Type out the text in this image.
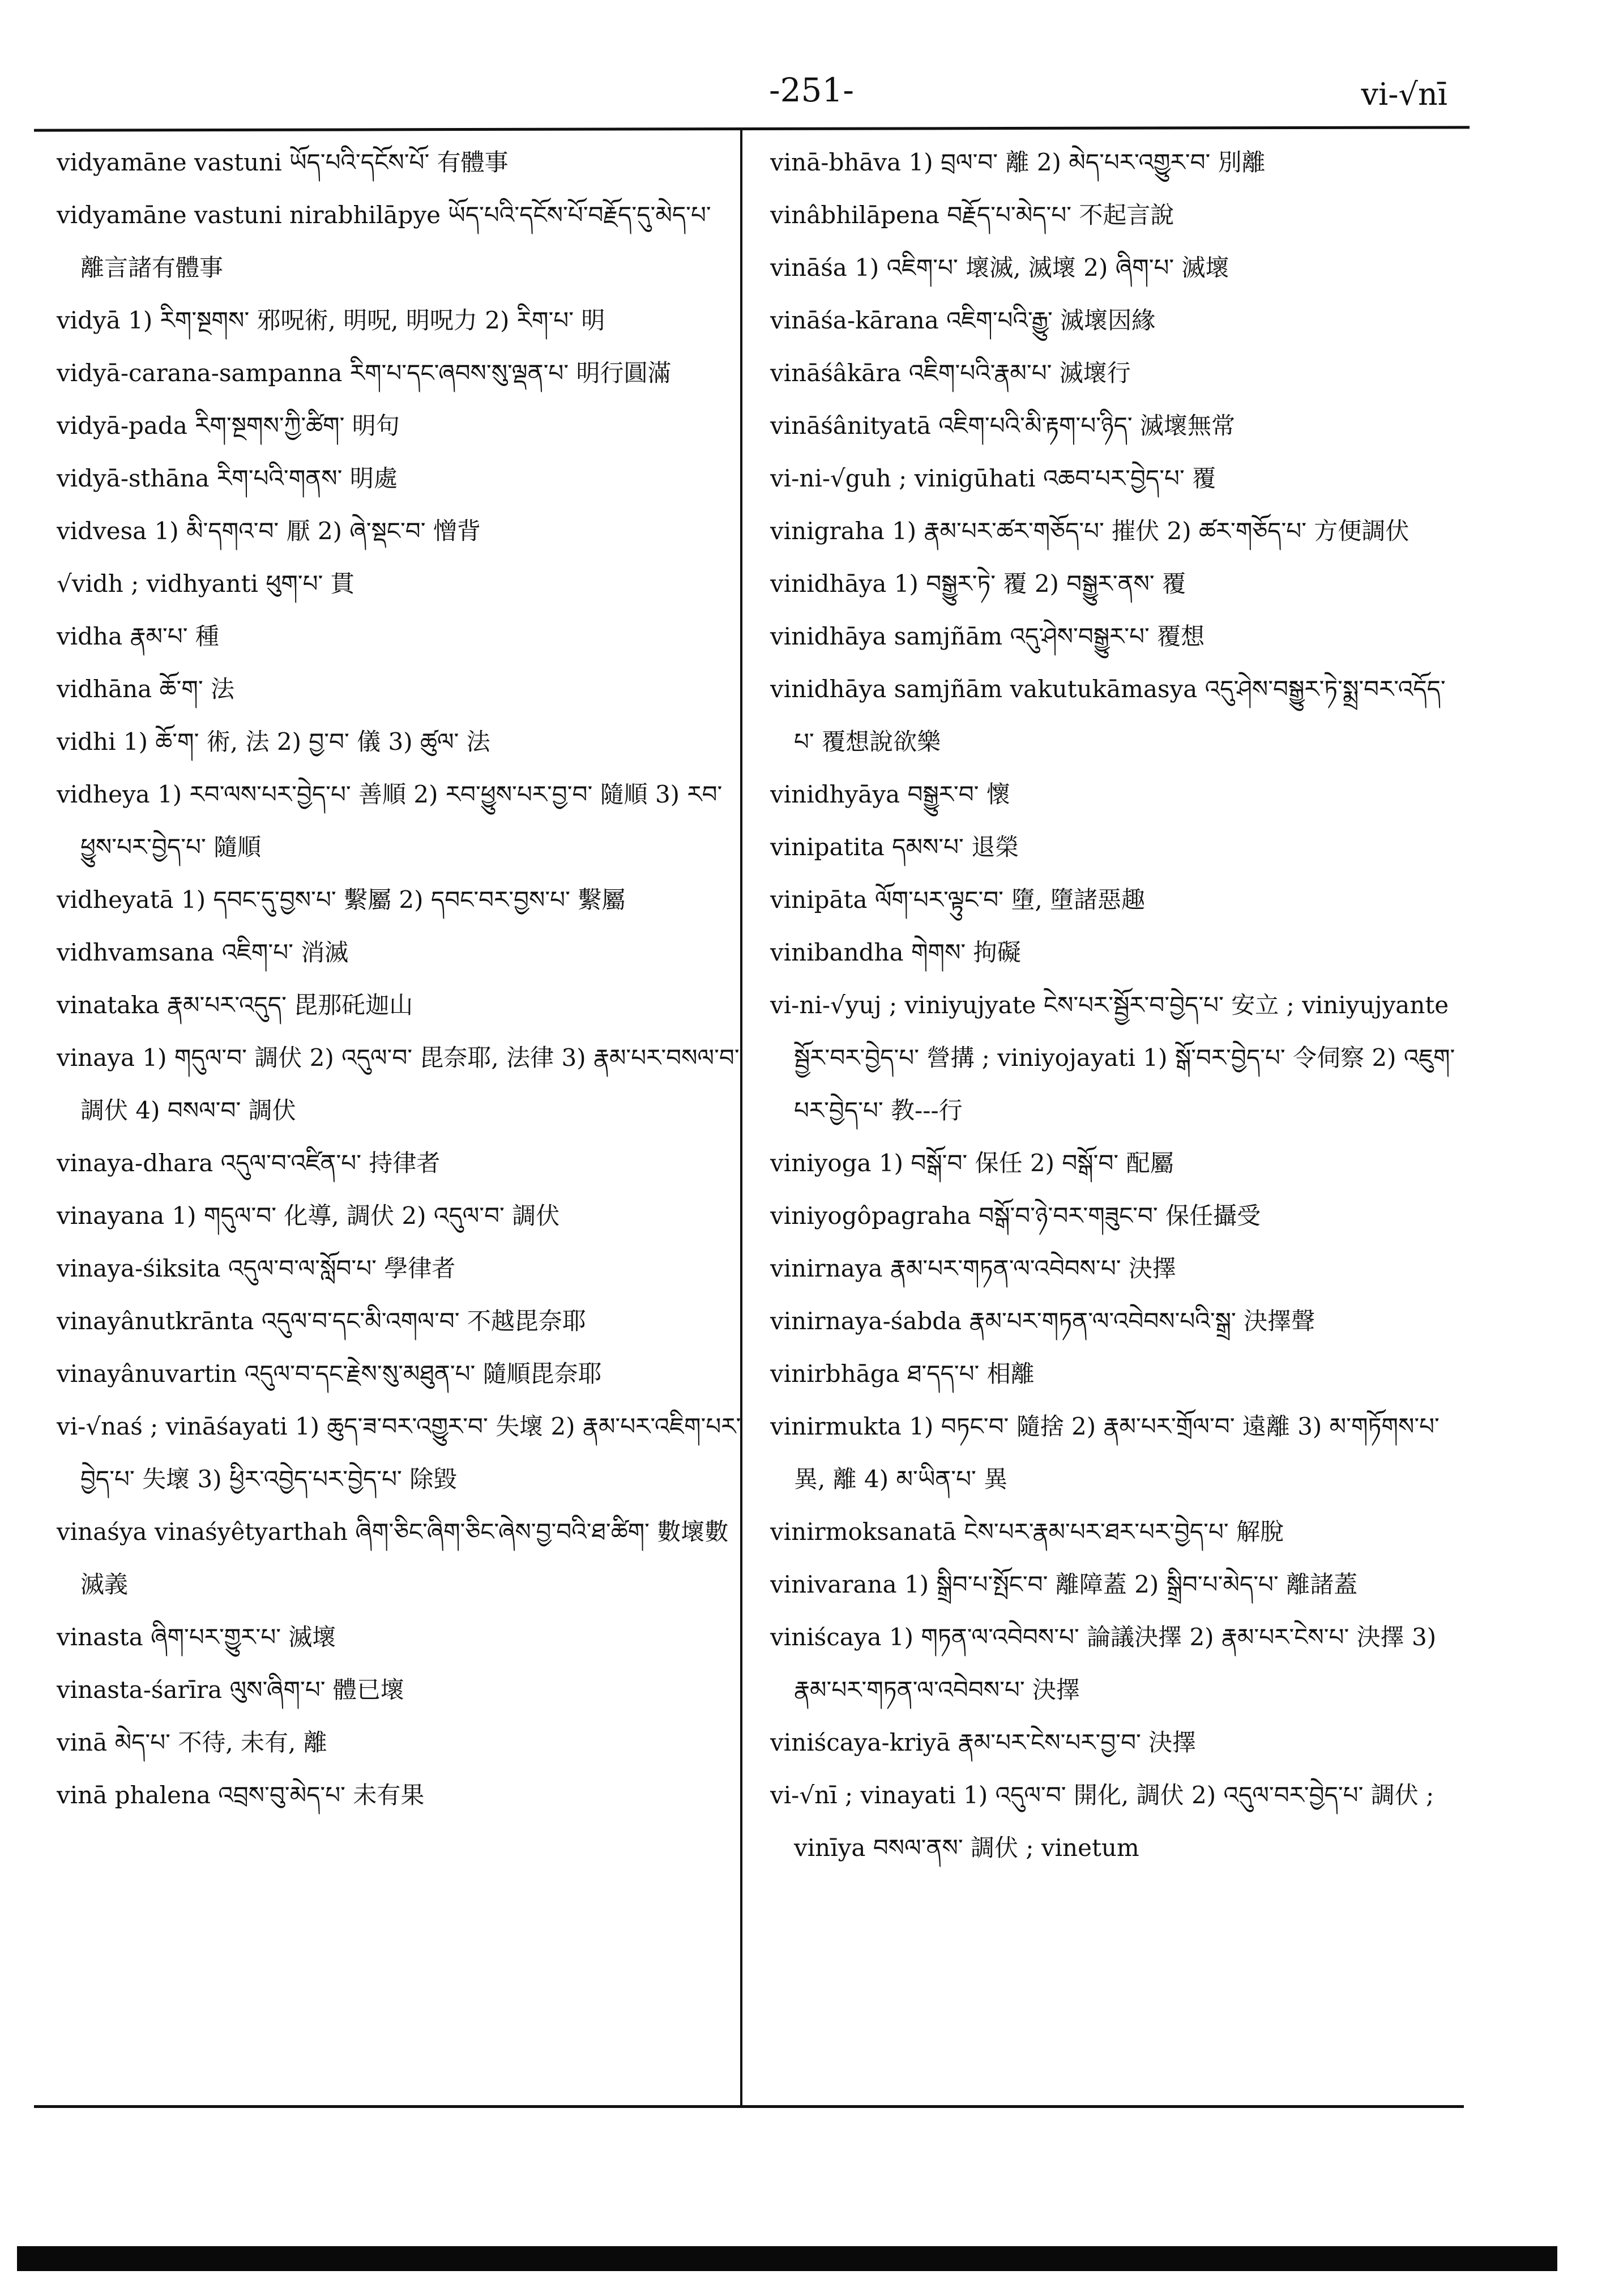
-251-	vi-√nī

vidyamāne vastuni ཡོད་པའི་དངོས་པོ་ 有體事

vidyamāne vastuni nirabhilāpye ཡོད་པའི་དངོས་པོ་བརྗོད་དུ་མེད་པ་ 離言諸有體事

vidyā 1) རིག་སྔགས་ 邪呪術, 明呪, 明呪力 2) རིག་པ་ 明

vidyā-carana-sampanna རིག་པ་དང་ཞབས་སུ་ལྡན་པ་ 明行圓滿

vidyā-pada རིག་སྔགས་ཀྱི་ཚིག་ 明句

vidyā-sthāna རིག་པའི་གནས་ 明處

vidvesa 1) མི་དགའ་བ་ 厭 2) ཞེ་སྡང་བ་ 憎背

√vidh ; vidhyanti ཕུག་པ་ 貫

vidha རྣམ་པ་ 種

vidhāna ཆོ་ག་ 法

vidhi 1) ཆོ་ག་ 術, 法 2) བྱ་བ་ 儀 3) ཚུལ་ 法

vidheya 1) རབ་ལས་པར་བྱེད་པ་ 善順 2) རབ་ཕྱུས་པར་བྱ་བ་ 隨順 3) རབ་ཕྱུས་པར་བྱེད་པ་ 隨順

vidheyatā 1) དབང་དུ་བྱས་པ་ 繫屬 2) དབང་བར་བྱས་པ་ 繫屬

vidhvamsana འཇིག་པ་ 消滅

vinataka རྣམ་པར་འདུད་ 毘那矺迦山

vinaya 1) གདུལ་བ་ 調伏 2) འདུལ་བ་ 毘奈耶, 法律 3) རྣམ་པར་བསལ་བ་ 調伏 4) བསལ་བ་ 調伏

vinaya-dhara འདུལ་བ་འཛིན་པ་ 持律者

vinayana 1) གདུལ་བ་ 化導, 調伏 2) འདུལ་བ་ 調伏

vinaya-śiksita འདུལ་བ་ལ་སློབ་པ་ 學律者

vinayânutkrānta འདུལ་བ་དང་མི་འགལ་བ་ 不越毘奈耶

vinayânuvartin འདུལ་བ་དང་རྗེས་སུ་མཐུན་པ་ 隨順毘奈耶

vi-√naś ; vināśayati 1) ཆུད་ཟ་བར་འགྱུར་བ་ 失壞 2) རྣམ་པར་འཇིག་པར་བྱེད་པ་ 失壞 3) ཕྱིར་འབྱེད་པར་བྱེད་པ་ 除毀

vinaśya vinaśyêtyarthah ཞིག་ཅིང་ཞིག་ཅིང་ཞེས་བྱ་བའི་ཐ་ཚིག་ 數壞數滅義

vinasta ཞིག་པར་གྱུར་པ་ 滅壞

vinasta-śarīra ལུས་ཞིག་པ་ 體已壞

vinā མེད་པ་ 不待, 未有, 離

vinā phalena འབྲས་བུ་མེད་པ་ 未有果

vinā-bhāva 1) བྲལ་བ་ 離 2) མེད་པར་འགྱུར་བ་ 別離

vinâbhilāpena བརྗོད་པ་མེད་པ་ 不起言說

vināśa 1) འཇིག་པ་ 壞滅, 滅壞 2) ཞིག་པ་ 滅壞

vināśa-kārana འཇིག་པའི་རྒྱུ་ 滅壞因緣

vināśâkāra འཇིག་པའི་རྣམ་པ་ 滅壞行

vināśânityatā འཇིག་པའི་མི་རྟག་པ་ཉིད་ 滅壞無常

vi-ni-√guh ; vinigūhati འཆབ་པར་བྱེད་པ་ 覆

vinigraha 1) རྣམ་པར་ཚར་གཅོད་པ་ 摧伏 2) ཚར་གཅོད་པ་ 方便調伏

vinidhāya 1) བསྒྱུར་ཏེ་ 覆 2) བསྒྱུར་ནས་ 覆

vinidhāya samjñām འདུ་ཤེས་བསྒྱུར་པ་ 覆想

vinidhāya samjñām vakutukāmasya འདུ་ཤེས་བསྒྱུར་ཏེ་སྨྲ་བར་འདོད་པ་ 覆想說欲樂

vinidhyāya བསྒྱུར་བ་ 懷

vinipatita དམས་པ་ 退榮

vinipāta ལོག་པར་ལྟུང་བ་ 墮, 墮諸惡趣

vinibandha གེགས་ 拘礙

vi-ni-√yuj ; viniyujyate ངེས་པར་སྦྱོར་བ་བྱེད་པ་ 安立 ; viniyujyante སྦྱོར་བར་བྱེད་པ་ 營搆 ; viniyojayati 1) སྒོ་བར་བྱེད་པ་ 令伺察 2) འཇུག་པར་བྱེད་པ་ 教---行

viniyoga 1) བསྒོ་བ་ 保任 2) བསྒོ་བ་ 配屬

viniyogôpagraha བསྒོ་བ་ཉེ་བར་གཟུང་བ་ 保任攝受

vinirnaya རྣམ་པར་གཏན་ལ་འབེབས་པ་ 決擇

vinirnaya-śabda རྣམ་པར་གཏན་ལ་འབེབས་པའི་སྒྲ་ 決擇聲

vinirbhāga ཐ་དད་པ་ 相離

vinirmukta 1) བཏང་བ་ 隨捨 2) རྣམ་པར་གྲོལ་བ་ 遠離 3) མ་གཏོགས་པ་ 異, 離 4) མ་ཡིན་པ་ 異

vinirmoksanatā ངེས་པར་རྣམ་པར་ཐར་པར་བྱེད་པ་ 解脫

vinivarana 1) སྒྲིབ་པ་སྤོང་བ་ 離障蓋 2) སྒྲིབ་པ་མེད་པ་ 離諸蓋

viniścaya 1) གཏན་ལ་འབེབས་པ་ 論議決擇 2) རྣམ་པར་ངེས་པ་ 決擇 3) རྣམ་པར་གཏན་ལ་འབེབས་པ་ 決擇

viniścaya-kriyā རྣམ་པར་ངེས་པར་བྱ་བ་ 決擇

vi-√nī ; vinayati 1) འདུལ་བ་ 開化, 調伏 2) འདུལ་བར་བྱེད་པ་ 調伏 ; vinīya བསལ་ནས་ 調伏 ; vinetum
